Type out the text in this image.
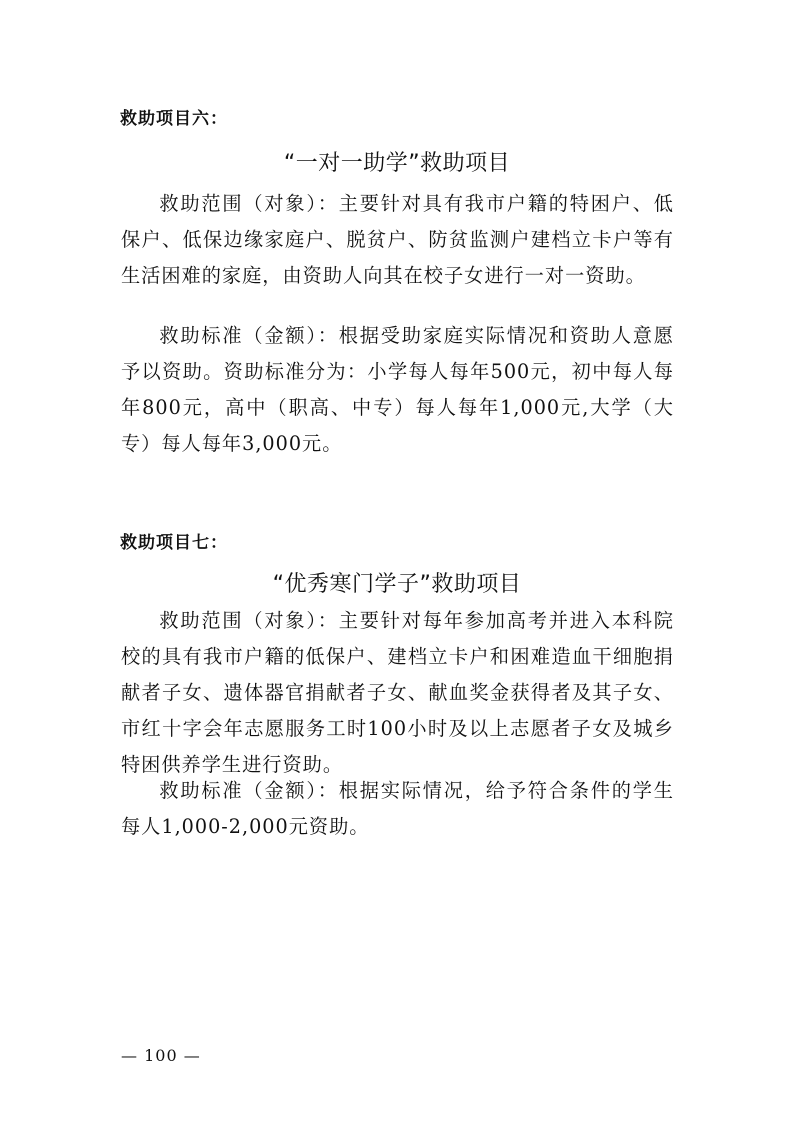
救助项目六：
“一对一助学”救助项目

救助范围（对象）：主要针对具有我市户籍的特困户、低保户、低保边缘家庭户、脱贫户、防贫监测户建档立卡户等有生活困难的家庭，由资助人向其在校子女进行一对一资助。

救助标准（金额）：根据受助家庭实际情况和资助人意愿予以资助。资助标准分为：小学每人每年500元，初中每人每年800元，高中（职高、中专）每人每年1,000元,大学（大专）每人每年3,000元。

救助项目七：
“优秀寒门学子”救助项目

救助范围（对象）：主要针对每年参加高考并进入本科院校的具有我市户籍的低保户、建档立卡户和困难造血干细胞捐献者子女、遗体器官捐献者子女、献血奖金获得者及其子女、市红十字会年志愿服务工时100小时及以上志愿者子女及城乡特困供养学生进行资助。

救助标准（金额）：根据实际情况，给予符合条件的学生每人1,000-2,000元资助。

— 100 —
